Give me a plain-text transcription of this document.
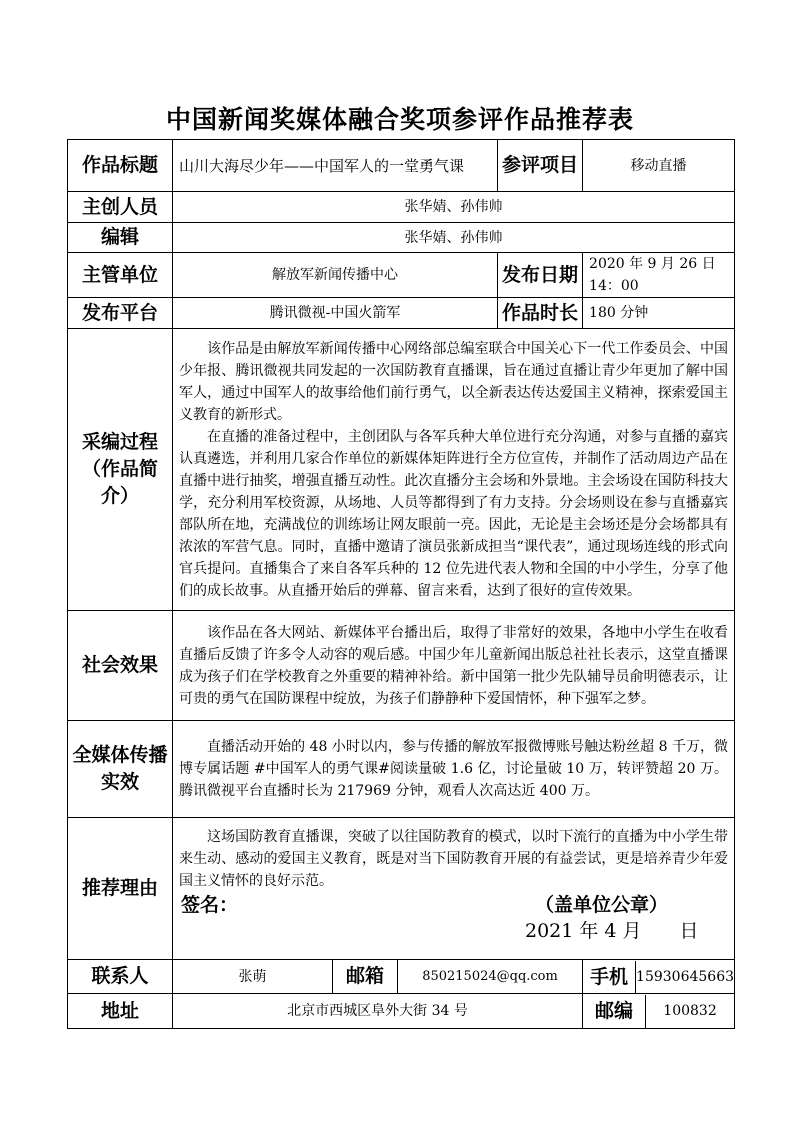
中国新闻奖媒体融合奖项参评作品推荐表
作品标题	山川大海尽少年——中国军人的一堂勇气课			参评项目	移动直播
主创人员	张华婧、孙伟帅				
编辑	张华婧、孙伟帅				
主管单位	解放军新闻传播中心			发布日期	2020 年 9 月 26 日 14：00
发布平台	腾讯微视-中国火箭军			作品时长	180 分钟
采编过程（作品简介）	该作品是由解放军新闻传播中心网络部总编室联合中国关心下一代工作委员会、中国少年报、腾讯微视共同发起的一次国防教育直播课，旨在通过直播让青少年更加了解中国军人，通过中国军人的故事给他们前行勇气，以全新表达传达爱国主义精神，探索爱国主义教育的新形式。

在直播的准备过程中，主创团队与各军兵种大单位进行充分沟通，对参与直播的嘉宾认真遴选，并利用几家合作单位的新媒体矩阵进行全方位宣传，并制作了活动周边产品在直播中进行抽奖，增强直播互动性。此次直播分主会场和外景地。主会场设在国防科技大学，充分利用军校资源，从场地、人员等都得到了有力支持。分会场则设在参与直播嘉宾部队所在地，充满战位的训练场让网友眼前一亮。因此，无论是主会场还是分会场都具有浓浓的军营气息。同时，直播中邀请了演员张新成担当“课代表”，通过现场连线的形式向官兵提问。直播集合了来自各军兵种的 12 位先进代表人物和全国的中小学生，分享了他们的成长故事。从直播开始后的弹幕、留言来看，达到了很好的宣传效果。				

社会效果	该作品在各大网站、新媒体平台播出后，取得了非常好的效果，各地中小学生在收看直播后反馈了许多令人动容的观后感。中国少年儿童新闻出版总社社长表示，这堂直播课成为孩子们在学校教育之外重要的精神补给。新中国第一批少先队辅导员俞明德表示，让可贵的勇气在国防课程中绽放，为孩子们静静种下爱国情怀，种下强军之梦。				

全媒体传播实效	直播活动开始的 48 小时以内，参与传播的解放军报微博账号触达粉丝超 8 千万，微博专属话题 #中国军人的勇气课#阅读量破 1.6 亿，讨论量破 10 万，转评赞超 20 万。腾讯微视平台直播时长为 217969 分钟，观看人次高达近 400 万。				

推荐理由	这场国防教育直播课，突破了以往国防教育的模式，以时下流行的直播为中小学生带来生动、感动的爱国主义教育，既是对当下国防教育开展的有益尝试，更是培养青少年爱国主义情怀的良好示范。

签名： （盖单位公章）
2021 年 4 月　　日				

联系人	张萌	邮箱	850215024@qq.com		手机 15930645663

地址	北京市西城区阜外大街 34 号				邮编 100832
